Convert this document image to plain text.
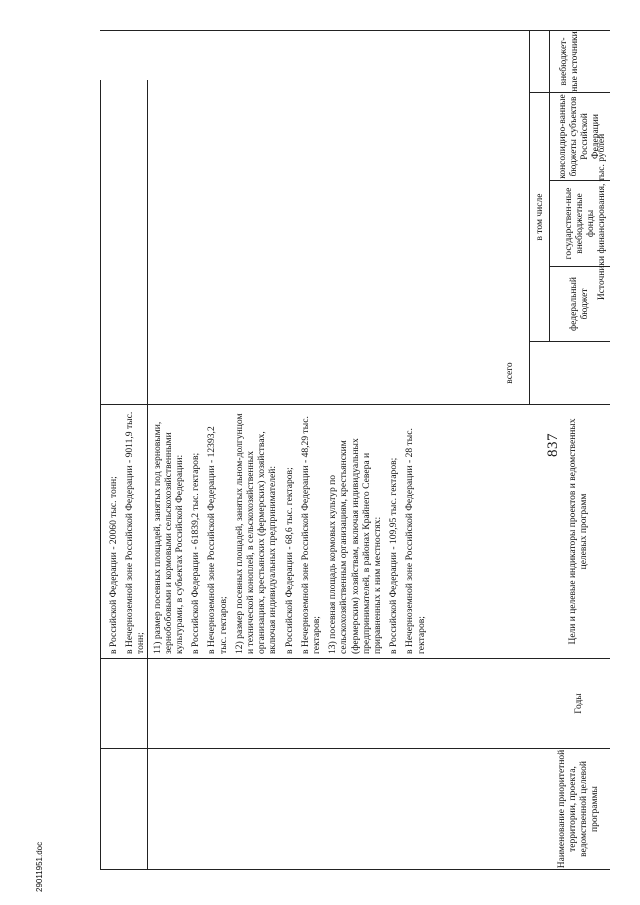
837
29011951.doc	Наименование приоритетной территории, проекта, ведомственной целевой программы
Годы
Цели и целевые индикаторы проектов и ведомственных целевых программ
Источники финансирования, тыс. рублей
всего
в том числе
федеральный бюджет
государствен-ные внебюджетные фонды
консолидиро-ванные бюджеты субъектов Российской Федерации
внебюджет-ные источники

в Российской Федерации - 20060 тыс. тонн; в Нечерноземной зоне Российской Федерации - 9011,9 тыс. тонн; 11) размер посевных площадей, занятых под зерновыми, зернобобовыми и кормовыми сельскохозяйственными культурами, в субъектах Российской Федерации: в Российской Федерации - 61839,2 тыс. гектаров; в Нечерноземной зоне Российской Федерации - 12393,2 тыс. гектаров; 12) размер посевных площадей, занятых льном-долгунцом и технической коноплей, в сельскохозяйственных организациях, крестьянских (фермерских) хозяйствах, включая индивидуальных предпринимателей: в Российской Федерации - 68,6 тыс. гектаров; в Нечерноземной зоне Российской Федерации - 48,29 тыс. гектаров; 13) посевная площадь кормовых культур по сельскохозяйственным организациям, крестьянским (фермерским) хозяйствам, включая индивидуальных предпринимателей, в районах Крайнего Севера и приравненных к ним местностях: в Российской Федерации - 109,95 тыс. гектаров; в Нечерноземной зоне Российской Федерации - 28 тыс. гектаров;
